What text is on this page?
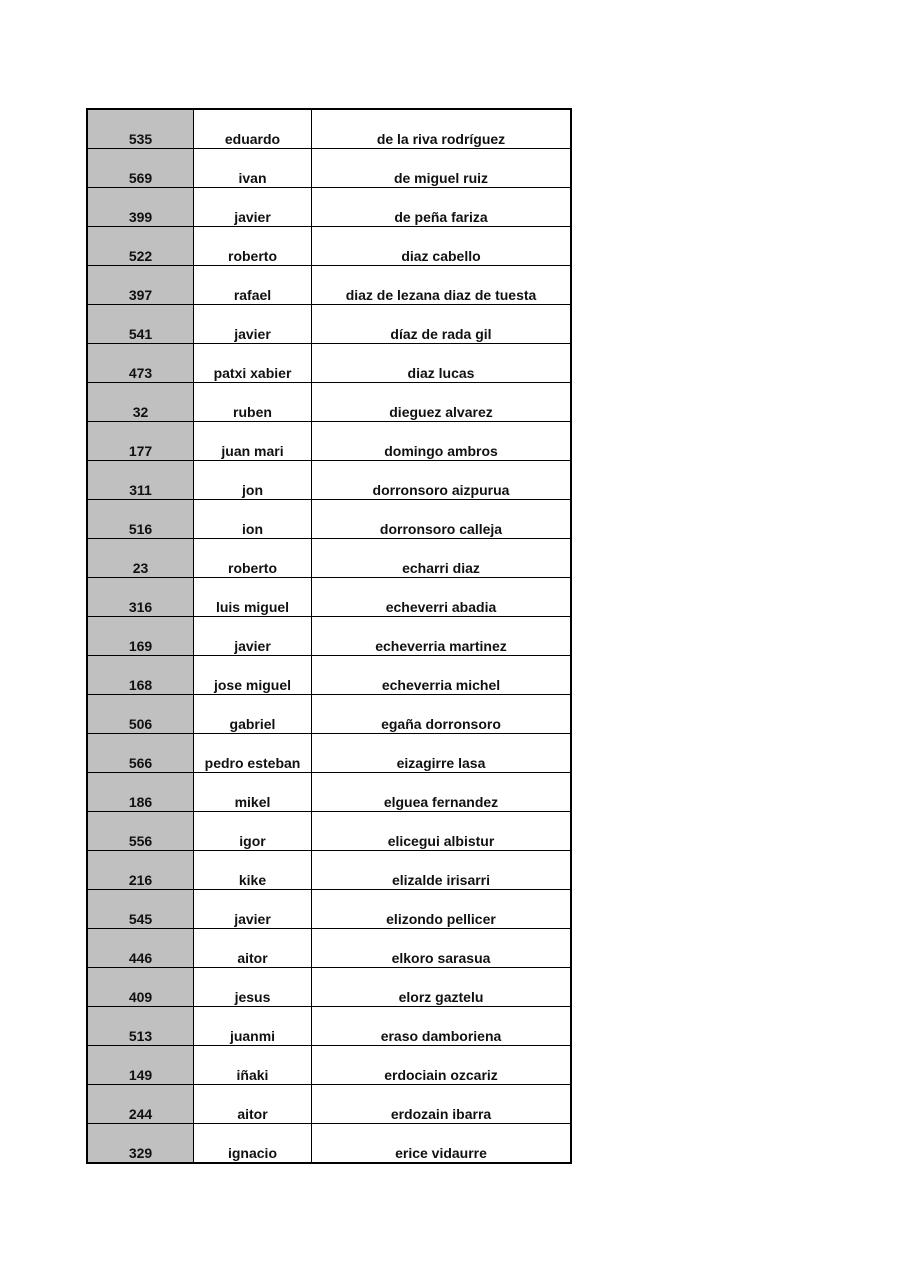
535	eduardo	de la riva rodríguez
569	ivan	de miguel ruiz
399	javier	de peña fariza
522	roberto	diaz cabello
397	rafael	diaz de lezana diaz de tuesta
541	javier	díaz de rada gil
473	patxi xabier	diaz lucas
32	ruben	dieguez alvarez
177	juan mari	domingo ambros
311	jon	dorronsoro aizpurua
516	ion	dorronsoro calleja
23	roberto	echarri diaz
316	luis miguel	echeverri abadia
169	javier	echeverria martinez
168	jose miguel	echeverria michel
506	gabriel	egaña dorronsoro
566	pedro esteban	eizagirre lasa
186	mikel	elguea fernandez
556	igor	elicegui albistur
216	kike	elizalde irisarri
545	javier	elizondo pellicer
446	aitor	elkoro sarasua
409	jesus	elorz gaztelu
513	juanmi	eraso damboriena
149	iñaki	erdociain ozcariz
244	aitor	erdozain ibarra
329	ignacio	erice vidaurre
